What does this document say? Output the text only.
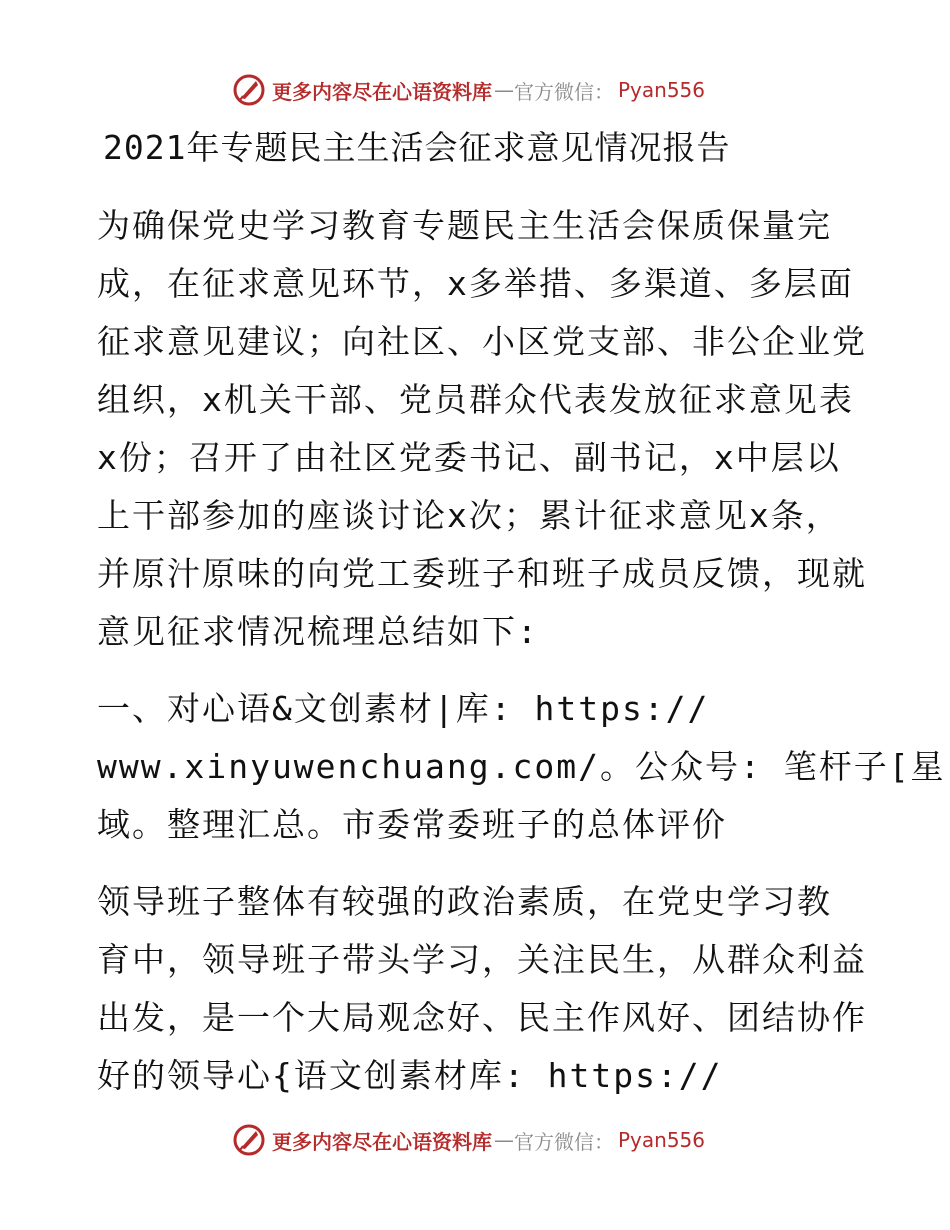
更多内容尽在心语资料库 — 官方微信： Pyan556
2021年专题民主生活会征求意见情况报告
为确保党史学习教育专题民主生活会保质保量完
成，在征求意见环节，x多举措、多渠道、多层面
征求意见建议；向社区、小区党支部、非公企业党
组织，x机关干部、党员群众代表发放征求意见表
x份；召开了由社区党委书记、副书记，x中层以
上干部参加的座谈讨论x次；累计征求意见x条，
并原汁原味的向党工委班子和班子成员反馈，现就
意见征求情况梳理总结如下:
一、对心语&文创素材|库: https://
www.xinyuwenchuang.com/。公众号: 笔杆子[星
域。整理汇总。市委常委班子的总体评价
领导班子整体有较强的政治素质，在党史学习教
育中，领导班子带头学习，关注民生，从群众利益
出发，是一个大局观念好、民主作风好、团结协作
好的领导心{语文创素材库: https://
更多内容尽在心语资料库 — 官方微信： Pyan556
